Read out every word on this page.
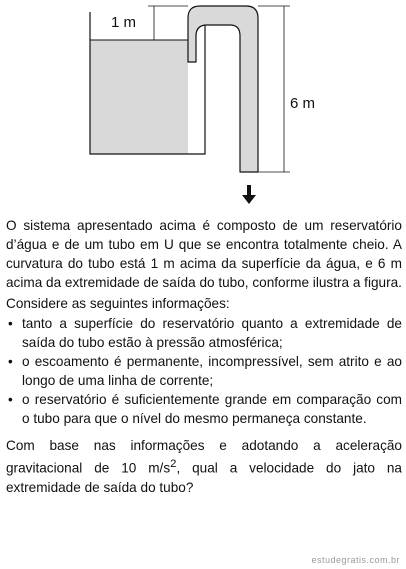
1 m
6 m

O sistema apresentado acima é composto de um reservatório d’água e de um tubo em U que se encontra totalmente cheio. A curvatura do tubo está 1 m acima da superfície da água, e 6 m acima da extremidade de saída do tubo, conforme ilustra a figura.

Considere as seguintes informações:

• tanto a superfície do reservatório quanto a extremidade de saída do tubo estão à pressão atmosférica;
• o escoamento é permanente, incompressível, sem atrito e ao longo de uma linha de corrente;
• o reservatório é suficientemente grande em comparação com o tubo para que o nível do mesmo permaneça constante.

Com base nas informações e adotando a aceleração gravitacional de 10 $m/s^2$, qual a velocidade do jato na extremidade de saída do tubo?

estudegratis.com.br
